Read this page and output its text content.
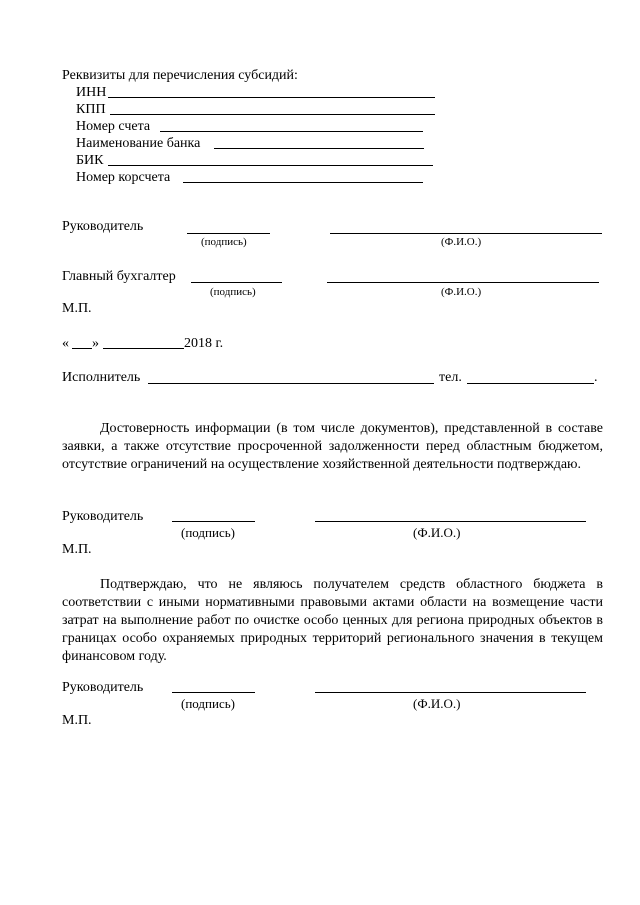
Реквизиты для перечисления субсидий:
ИНН
КПП
Номер счета
Наименование банка
БИК
Номер корсчета
Руководитель
(подпись)	(Ф.И.О.)
Главный бухгалтер
(подпись)	(Ф.И.О.)
М.П.
« »	2018 г.
Исполнитель	тел.	.

Достоверность информации (в том числе документов), представленной в составе заявки, а также отсутствие просроченной задолженности перед областным бюджетом, отсутствие ограничений на осуществление хозяйственной деятельности подтверждаю.

Руководитель
(подпись)	(Ф.И.О.)
М.П.

Подтверждаю, что не являюсь получателем средств областного бюджета в соответствии с иными нормативными правовыми актами области на возмещение части затрат на выполнение работ по очистке особо ценных для региона природных объектов в границах особо охраняемых природных территорий регионального значения в текущем финансовом году.

Руководитель
(подпись)	(Ф.И.О.)
М.П.
